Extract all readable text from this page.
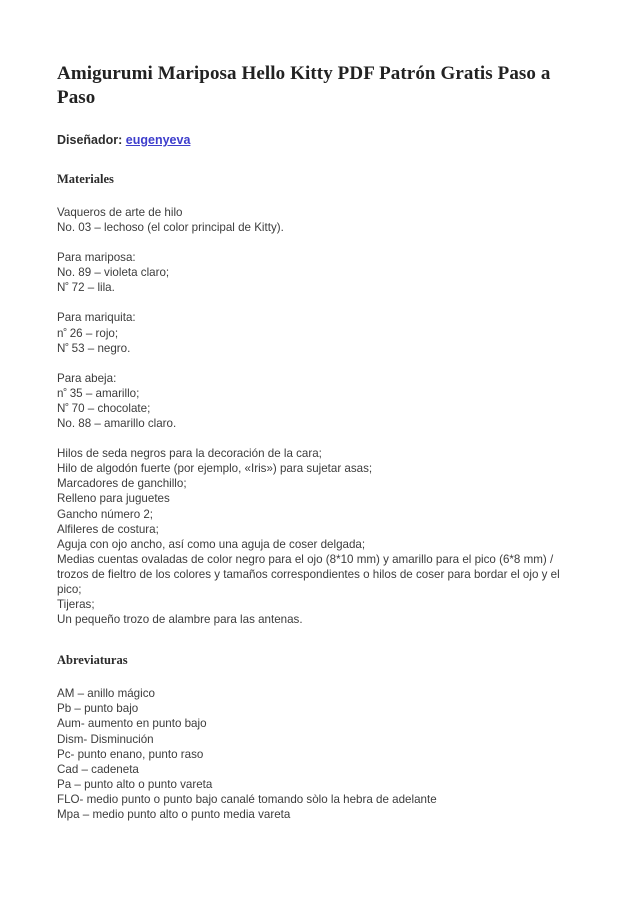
Amigurumi Mariposa Hello Kitty PDF Patrón Gratis Paso a Paso

Diseñador: eugenyeva

Materiales

Vaqueros de arte de hilo
No. 03 – lechoso (el color principal de Kitty).

Para mariposa:
No. 89 – violeta claro;
$N^º$ 72 – lila.

Para mariquita:
$n^º$ 26 – rojo;
$N^º$ 53 – negro.

Para abeja:
$n^º$ 35 – amarillo;
$N^º$ 70 – chocolate;
No. 88 – amarillo claro.

Hilos de seda negros para la decoración de la cara;
Hilo de algodón fuerte (por ejemplo, «Iris») para sujetar asas;
Marcadores de ganchillo;
Relleno para juguetes
Gancho número 2;
Alfileres de costura;
Aguja con ojo ancho, así como una aguja de coser delgada;
Medias cuentas ovaladas de color negro para el ojo (8*10 mm) y amarillo para el pico (6*8 mm) / trozos de fieltro de los colores y tamaños correspondientes o hilos de coser para bordar el ojo y el pico;
Tijeras;
Un pequeño trozo de alambre para las antenas.

Abreviaturas

AM – anillo mágico
Pb – punto bajo
Aum- aumento en punto bajo
Dism- Disminución
Pc- punto enano, punto raso
Cad – cadeneta
Pa – punto alto o punto vareta
FLO- medio punto o punto bajo canalé tomando sòlo la hebra de adelante
Mpa – medio punto alto o punto media vareta
